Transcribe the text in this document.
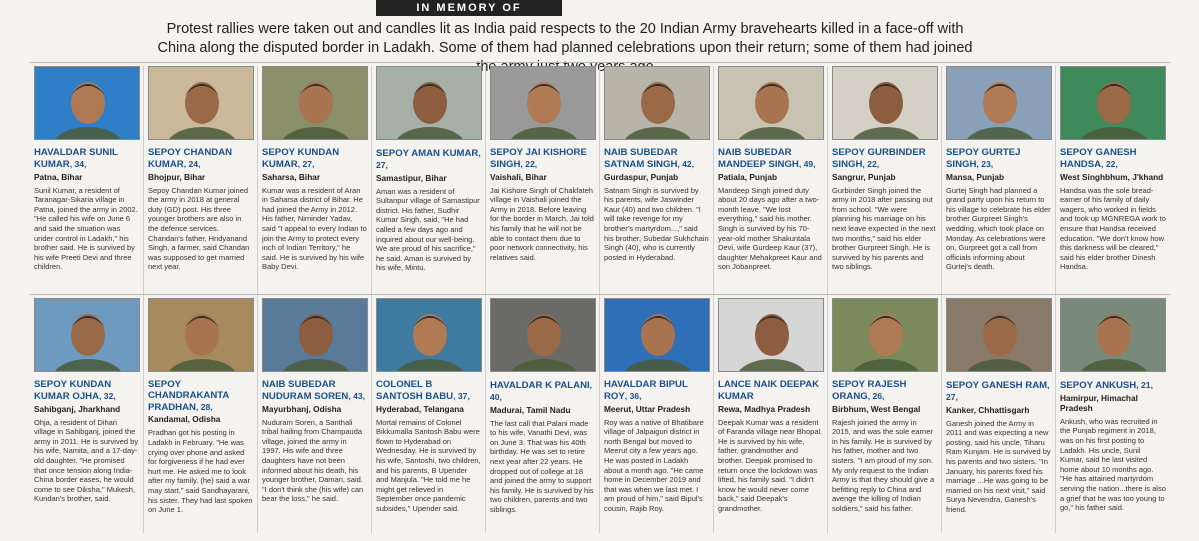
IN MEMORY OF
Protest rallies were taken out and candles lit as India paid respects to the 20 Indian Army bravehearts killed in a face-off with China along the disputed border in Ladakh. Some of them had planned celebrations upon their return; some of them had joined the
HAVALDAR SUNIL KUMAR, 34,
Patna, Bihar
Sunil Kumar, a resident of Taranagar-Sikaria village in Patna, joined the army in 2002. "He called his wife on June 6 and said the situation was under control in Ladakh," his brother said. He is survived by his wife Preeti Devi and three children.
SEPOY CHANDAN KUMAR, 24,
Bhojpur, Bihar
Sepoy Chandan Kumar joined the army in 2018 at general duty (GD) post. His three younger brothers are also in the defence services. Chandan's father, Hridyanand Singh, a farmer, said Chandan was supposed to get married next year.
SEPOY KUNDAN KUMAR, 27,
Saharsa, Bihar
Kumar was a resident of Aran in Saharsa district of Bihar. He had joined the Army in 2012. His father, Niminder Yadav, said "I appeal to every Indian to join the Army to protect every inch of Indian Territory," he said. He is survived by his wife Baby Devi.
SEPOY AMAN KUMAR, 27,
Samastipur, Bihar
Aman was a resident of Sultanpur village of Samastipur district. His father, Sudhir Kumar Singh, said, "He had called a few days ago and inquired about our well-being. We are proud of his sacrifice," he said. Aman is survived by his wife, Mintu.
SEPOY JAI KISHORE SINGH, 22,
Vaishali, Bihar
Jai Kishore Singh of Chakfateh village in Vaishali joined the Army in 2018. Before leaving for the border in March, Jai told his family that he will not be able to contact them due to poor network connectivity, his relatives said.
NAIB SUBEDAR SATNAM SINGH, 42,
Gurdaspur, Punjab
Satnam Singh is survived by his parents, wife Jaswinder Kaur (40) and two children. "I will take revenge for my brother's martyrdom...," said his brother, Subedar Sukhchain Singh (40), who is currently posted in Hyderabad.
NAIB SUBEDAR MANDEEP SINGH, 49,
Patiala, Punjab
Mandeep Singh joined duty about 20 days ago after a two-month leave. "We lost everything," said his mother. Singh is survived by his 70-year-old mother Shakuntala Devi, wife Gurdeep Kaur (37), daughter Mehakpreet Kaur and son Jobanpreet.
SEPOY GURBINDER SINGH, 22,
Sangrur, Punjab
Gurbinder Singh joined the army in 2018 after passing out from school. "We were planning his marriage on his next leave expected in the next two months," said his elder brother Gurpreet Singh. He is survived by his parents and two siblings.
SEPOY GURTEJ SINGH, 23,
Mansa, Punjab
Gurtej Singh had planned a grand party upon his return to his village to celebrate his elder brother Gurpreet Singh's wedding, which took place on Monday. As celebrations were on, Gurpreet got a call from officials informing about Gurtej's death.
SEPOY GANESH HANDSA, 22,
West Singhbhum, J'khand
Handsa was the sole bread-earner of his family of daily wagers, who worked in fields and took up MGNREGA work to ensure that Handsa received education. "We don't know how this darkness will be cleared," said his elder brother Dinesh Handsa.
SEPOY KUNDAN KUMAR OJHA, 32,
Sahibganj, Jharkhand
Ohja, a resident of Dihari village in Sahibganj, joined the army in 2011. He is survived by his wife, Namita, and a 17-day-old daughter. "He promised that once tension along India-China border eases, he would come to see Diksha," Mukesh, Kundan's brother, said.
SEPOY CHANDRAKANTA PRADHAN, 28,
Kandamal, Odisha
Pradhan got his posting in Ladakh in February. "He was crying over phone and asked for forgiveness if he had ever hurt me. He asked me to look after my family. (he) said a war may start," said Sandhayarani, his sister. They had last spoken on June 1.
NAIB SUBEDAR NUDURAM SOREN, 43,
Mayurbhanj, Odisha
Nuduram Soren, a Santhali tribal hailing from Champauda village, joined the army in 1997. His wife and three daughters have not been informed about his death, his younger brother, Daman, said. "I don't think she (his wife) can bear the loss," he said.
COLONEL B SANTOSH BABU, 37,
Hyderabad, Telangana
Mortal remains of Colonel Bikkumalla Santosh Babu were flown to Hyderabad on Wednesday. He is survived by his wife, Santoshi, two children, and his parents, B Upender and Manjula. "He told me he might get relieved in September once pandemic subsides," Upender said.
HAVALDAR K PALANI, 40,
Madurai, Tamil Nadu
The last call that Palani made to his wife, Vanathi Devi, was on June 3. That was his 40th birthday. He was set to retire next year after 22 years. He dropped out of college at 18 and joined the army to support his family. He is survived by his two children, parents and two siblings.
HAVALDAR BIPUL ROY, 36,
Meerut, Uttar Pradesh
Roy was a native of Bhatibare village of Jalpaiguri district in north Bengal but moved to Meerut city a few years ago. He was posted in Ladakh about a month ago. "He came home in December 2019 and that was when we last met. I am proud of him," said Bipul's cousin, Rajib Roy.
LANCE NAIK DEEPAK KUMAR
Rewa, Madhya Pradesh
Deepak Kumar was a resident of Faranda village near Bhopal. He is survived by his wife, father, grandmother and brother. Deepak promised to return once the lockdown was lifted, his family said. "I didn't know he would never come back," said Deepak's grandmother.
SEPOY RAJESH ORANG, 26,
Birbhum, West Bengal
Rajesh joined the army in 2015, and was the sole earner in his family. He is survived by his father, mother and two sisters. "I am proud of my son. My only request to the Indian Army is that they should give a befitting reply to China and avenge the killing of Indian soldiers," said his father.
SEPOY GANESH RAM, 27,
Kanker, Chhattisgarh
Ganesh joined the Army in 2011 and was expecting a new posting, said his uncle, Tiharu Ram Kunjam. He is survived by his parents and two sisters. "In January, his parents fixed his marriage ...He was going to be married on his next visit," said Surya Nevendra, Ganesh's friend.
SEPOY ANKUSH, 21,
Hamirpur, Himachal Pradesh
Ankush, who was recruited in the Punjab regiment in 2018, was on his first posting to Ladakh. His uncle, Sunil Kumar, said he last visited home about 10 months ago. "He has attained martyrdom serving the nation...there is also a grief that he was too young to go," his father said.
